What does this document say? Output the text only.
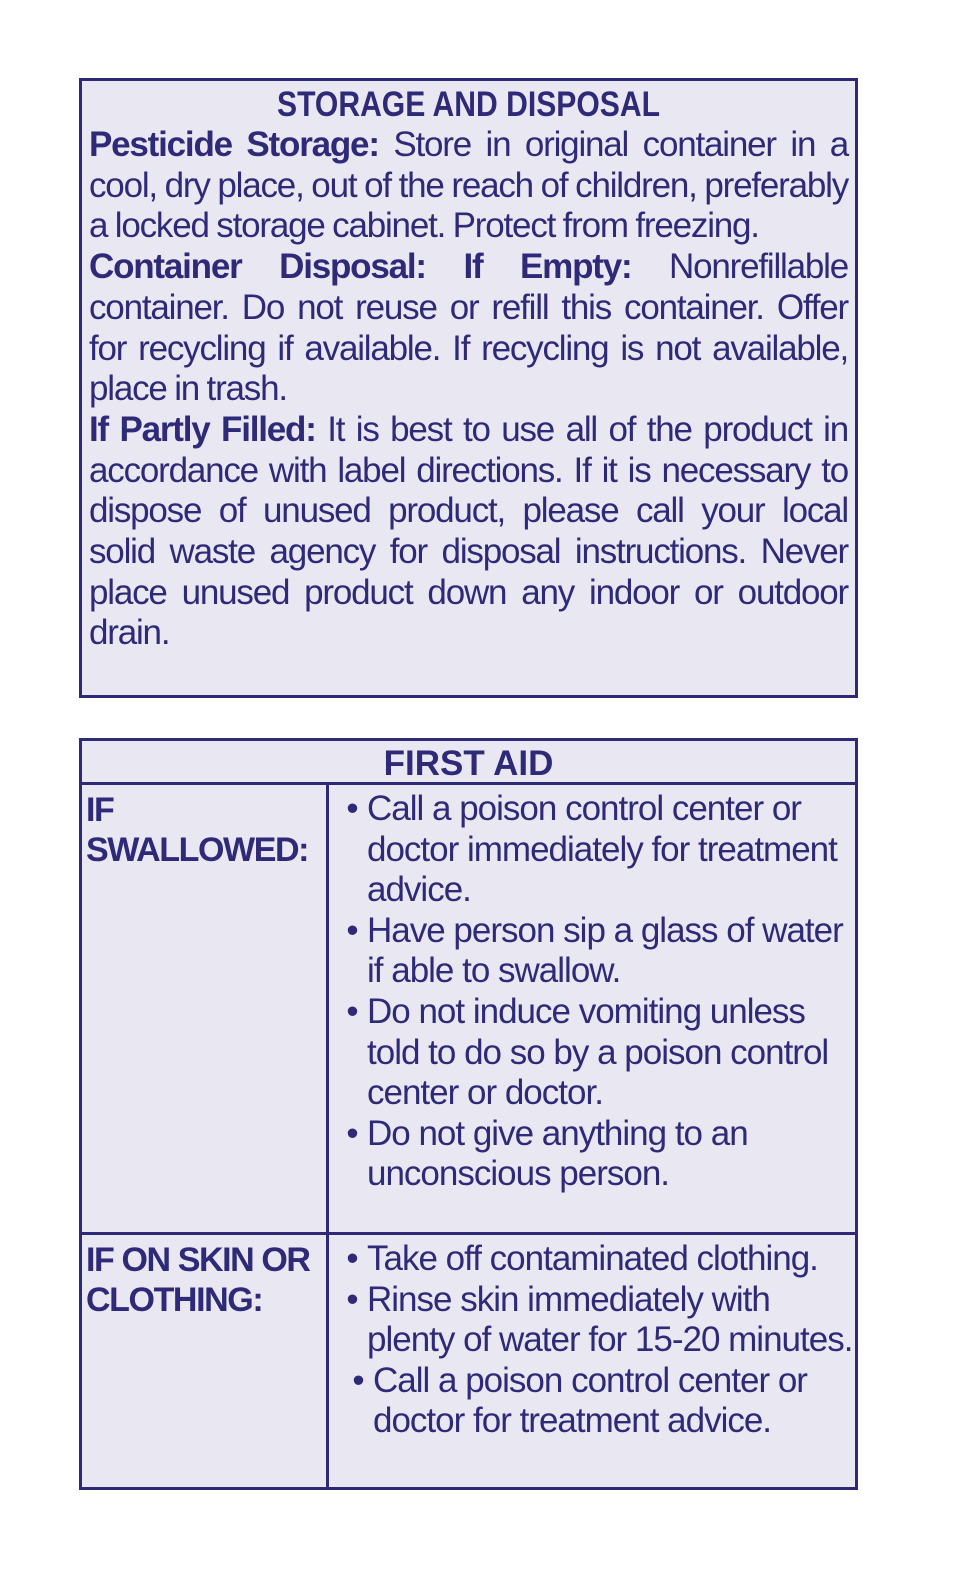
STORAGE AND DISPOSAL

Pesticide Storage: Store in original container in a cool, dry place, out of the reach of children, preferably a locked storage cabinet. Protect from freezing.

Container Disposal: If Empty: Nonrefillable container. Do not reuse or refill this container. Offer for recycling if available. If recycling is not available, place in trash.

If Partly Filled: It is best to use all of the product in accordance with label directions. If it is necessary to dispose of unused product, please call your local solid waste agency for disposal instructions. Never place unused product down any indoor or outdoor drain.

FIRST AID
IF SWALLOWED:
• Call a poison control center or doctor immediately for treatment advice.
• Have person sip a glass of water if able to swallow.
• Do not induce vomiting unless told to do so by a poison control center or doctor.
• Do not give anything to an unconscious person.
IF ON SKIN OR CLOTHING:
• Take off contaminated clothing.
• Rinse skin immediately with plenty of water for 15-20 minutes.
• Call a poison control center or doctor for treatment advice.
